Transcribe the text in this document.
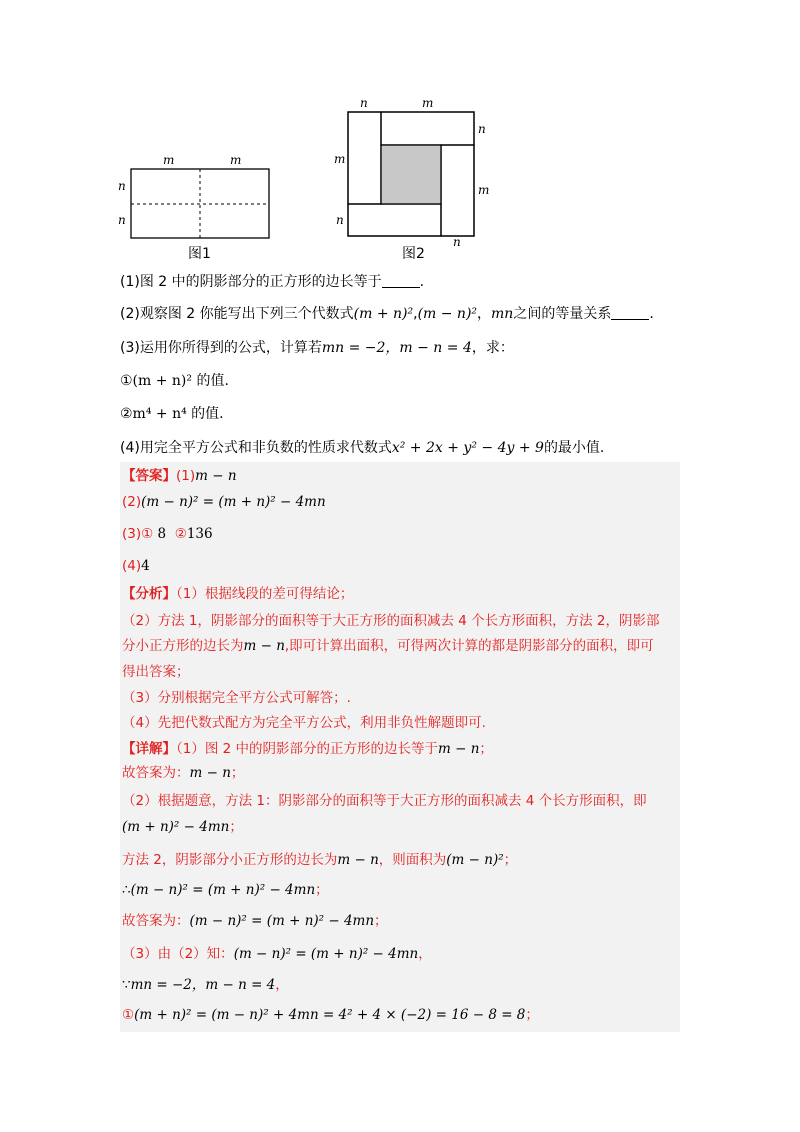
m	m
n
n
图1
n	m
n
m
m
n
n
图2
(1)图 2 中的阴影部分的正方形的边长等于	.
(2)观察图 2 你能写出下列三个代数式(m + n)²,(m − n)²，mn之间的等量关系	.
(3)运用你所得到的公式，计算若mn = −2，m − n = 4，求：
①(m + n)² 的值.
②m⁴ + n⁴ 的值.
(4)用完全平方公式和非负数的性质求代数式x² + 2x + y² − 4y + 9的最小值.
【答案】(1)m − n
(2)(m − n)² = (m + n)² − 4mn
(3)① 8 ②136
(4)4
【分析】（1）根据线段的差可得结论；
（2）方法 1，阴影部分的面积等于大正方形的面积减去 4 个长方形面积，方法 2，阴影部
分小正方形的边长为m − n,即可计算出面积，可得两次计算的都是阴影部分的面积，即可
得出答案；
（3）分别根据完全平方公式可解答；.
（4）先把代数式配方为完全平方公式，利用非负性解题即可.
【详解】（1）图 2 中的阴影部分的正方形的边长等于m − n；
故答案为：m − n；
（2）根据题意，方法 1：阴影部分的面积等于大正方形的面积减去 4 个长方形面积，即
(m + n)² − 4mn；
方法 2，阴影部分小正方形的边长为m − n，则面积为(m − n)²；
∴(m − n)² = (m + n)² − 4mn；
故答案为：(m − n)² = (m + n)² − 4mn；
（3）由（2）知：(m − n)² = (m + n)² − 4mn，
∵mn = −2，m − n = 4，
①(m + n)² = (m − n)² + 4mn = 4² + 4 × (−2) = 16 − 8 = 8；
